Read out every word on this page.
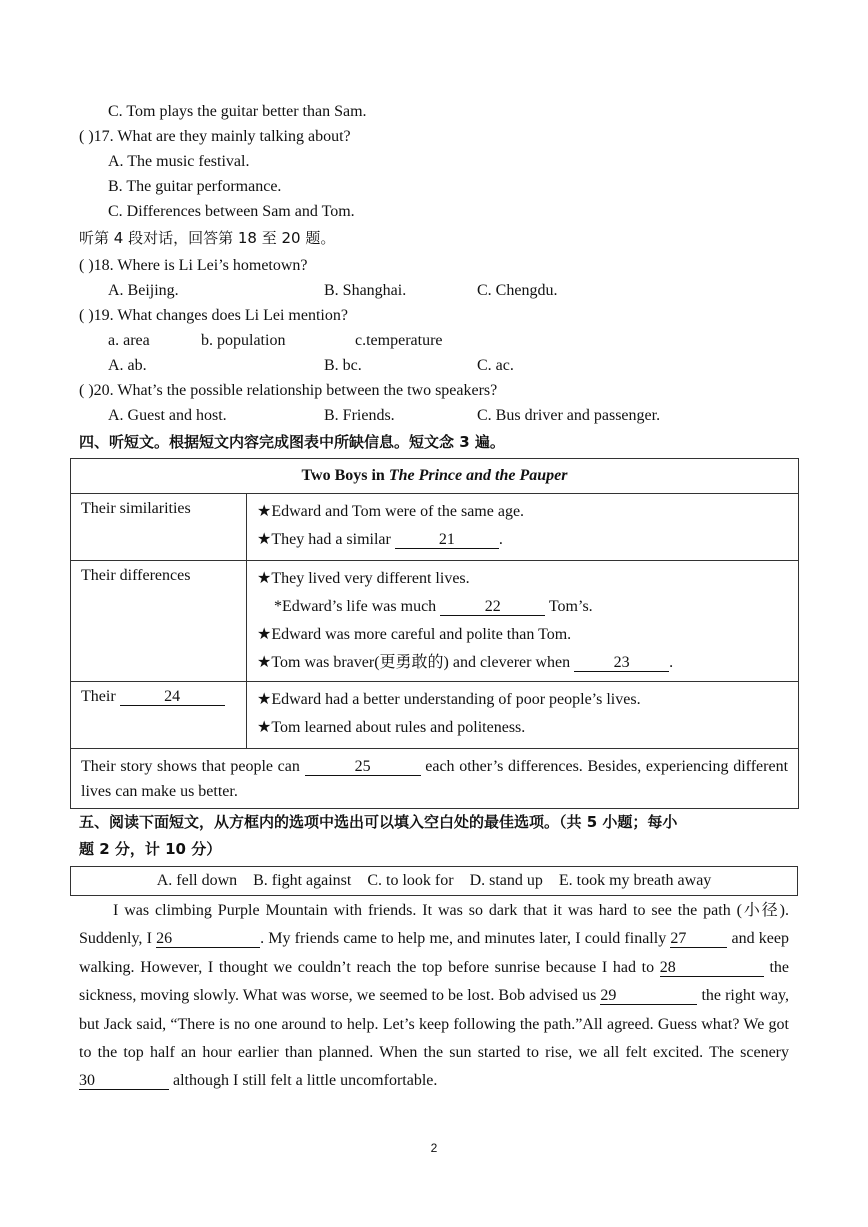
C. Tom plays the guitar better than Sam.
( )17. What are they mainly talking about?
A. The music festival.
B. The guitar performance.
C. Differences between Sam and Tom.
听第 4 段对话，回答第 18 至 20 题。
( )18. Where is Li Lei’s hometown?
A. Beijing.	B. Shanghai.	C. Chengdu.
( )19. What changes does Li Lei mention?
a. area	b. population	c.temperature
A. ab.	B. bc.	C. ac.
( )20. What’s the possible relationship between the two speakers?
A. Guest and host.	B. Friends.	C. Bus driver and passenger.
四、听短文。根据短文内容完成图表中所缺信息。短文念 3 遍。
Two Boys in The Prince and the Pauper	
Their similarities	★Edward and Tom were of the same age.
★They had a similar 21 .

Their differences	★They lived very different lives.
*Edward’s life was much 22 Tom’s.
★Edward was more careful and polite than Tom.
★Tom was braver(更勇敢的) and cleverer when 23 .

Their 24	★Edward had a better understanding of poor people’s lives.
★Tom learned about rules and politeness.

Their story shows that people can 25 each other’s differences. Besides, experiencing different lives can make us better.	
五、阅读下面短文，从方框内的选项中选出可以填入空白处的最佳选项。（共 5 小题；每小
题 2 分，计 10 分）
A. fell down    B. fight against    C. to look for    D. stand up    E. took my breath away
I was climbing Purple Mountain with friends. It was so dark that it was hard to see the path (小径). Suddenly, I 26	. My friends came to help me, and minutes later, I could finally 27	and keep walking. However, I thought we couldn’t reach the top before sunrise because I had to 28	the sickness, moving slowly. What was worse, we seemed to be lost. Bob advised us 29	the right way, but Jack said, “There is no one around to help. Let’s keep following the path.”All agreed. Guess what? We got to the top half an hour earlier than planned. When the sun started to rise, we all felt excited. The scenery 30	although I still felt a little uncomfortable.
2
